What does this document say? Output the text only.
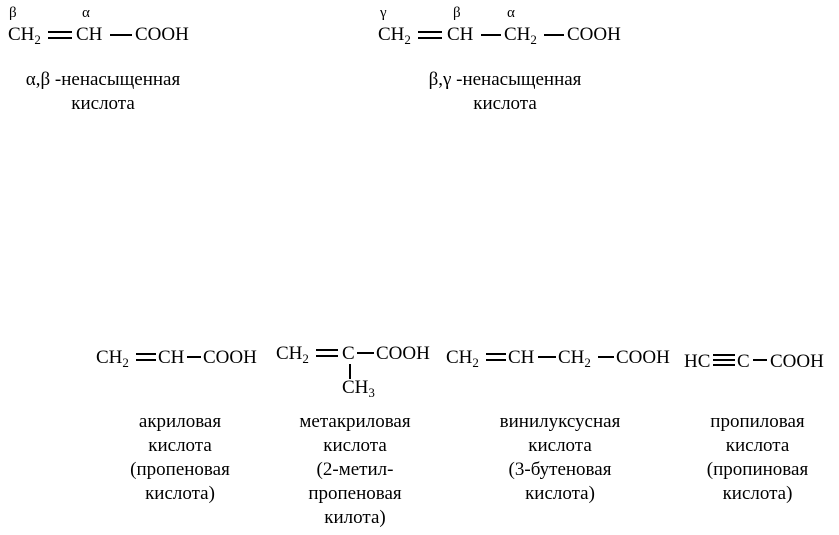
β	α
$CH_2$ CH COOH
α,β -ненасыщенная
кислота
γ	β	α
$CH_2$ CH $CH_2$ COOH
β,γ -ненасыщенная
кислота
$CH_2$ CH COOH
акриловая
кислота
(пропеновая
кислота)
$CH_2$ C COOH
$CH_3$
метакриловая
кислота
(2-метил-
пропеновая
килота)
$CH_2$ CH $CH_2$ COOH
винилуксусная
кислота
(3-бутеновая
кислота)
HC C COOH
пропиловая
кислота
(пропиновая
кислота)
